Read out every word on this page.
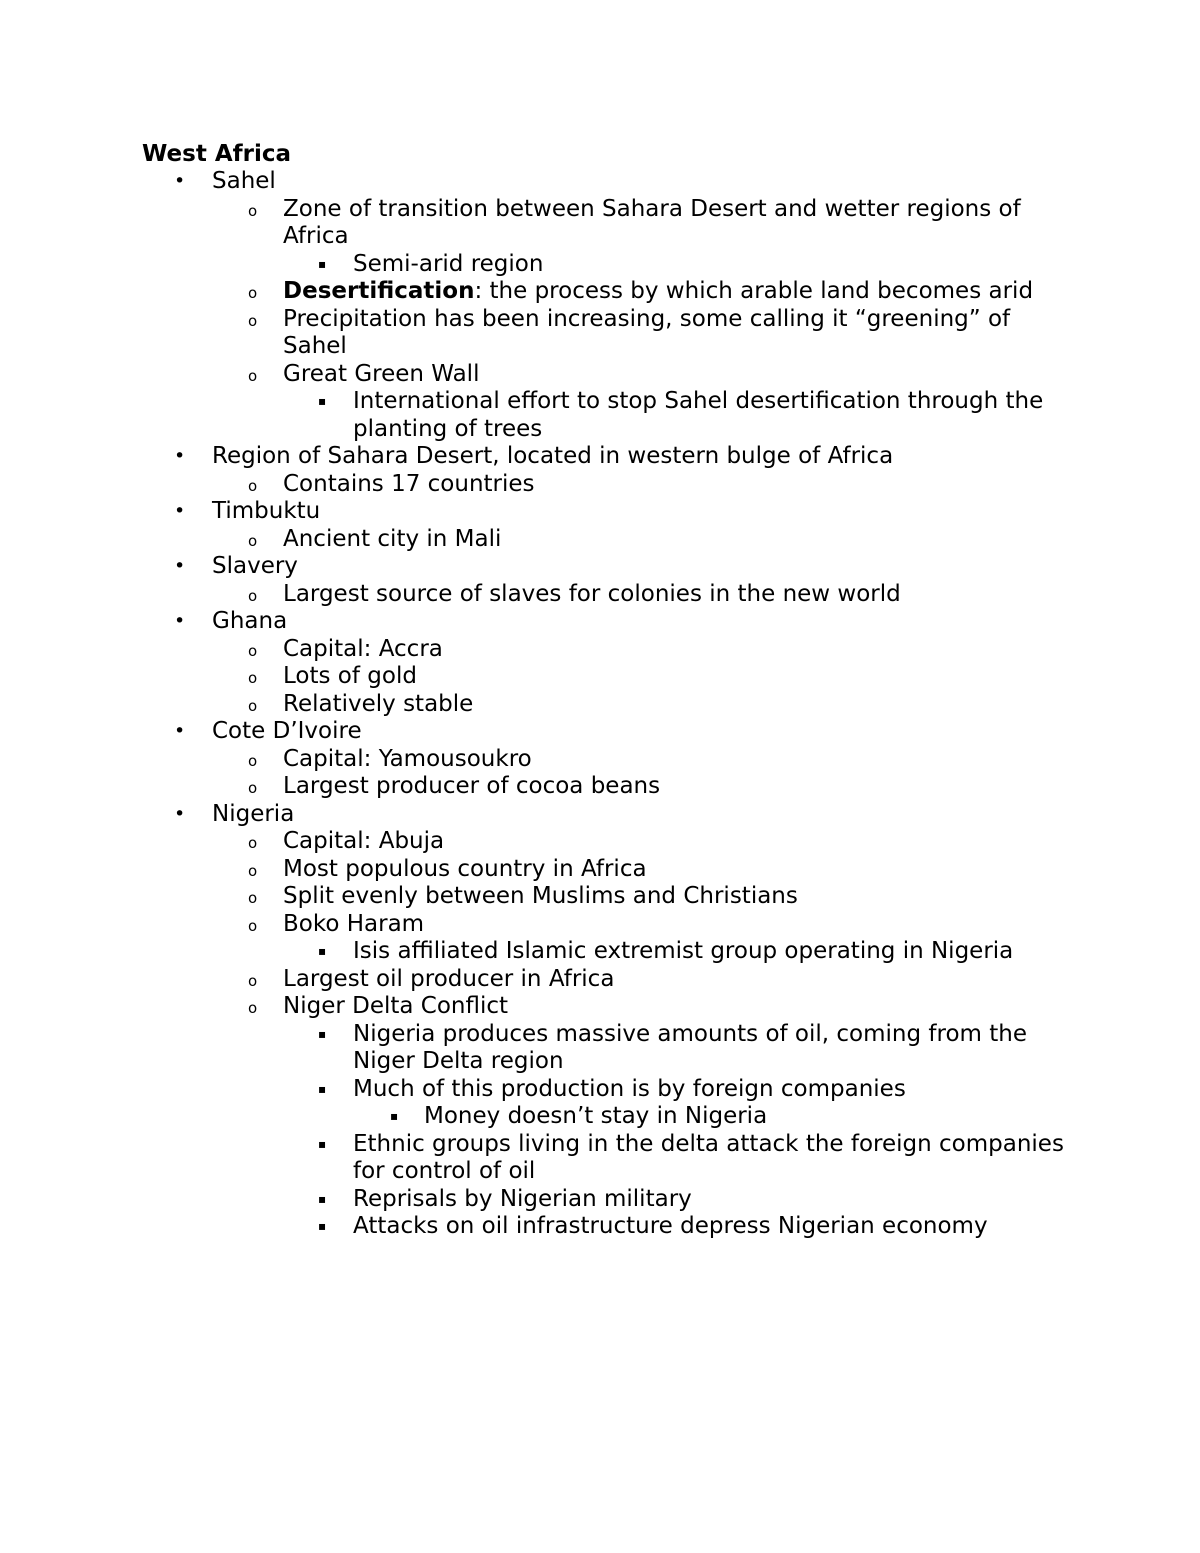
West Africa
• Sahel
o Zone of transition between Sahara Desert and wetter regions of Africa
▪ Semi-arid region
o Desertification: the process by which arable land becomes arid
o Precipitation has been increasing, some calling it “greening” of Sahel
o Great Green Wall
▪ International effort to stop Sahel desertification through the planting of trees
• Region of Sahara Desert, located in western bulge of Africa
o Contains 17 countries
• Timbuktu
o Ancient city in Mali
• Slavery
o Largest source of slaves for colonies in the new world
• Ghana
o Capital: Accra
o Lots of gold
o Relatively stable
• Cote D’Ivoire
o Capital: Yamousoukro
o Largest producer of cocoa beans
• Nigeria
o Capital: Abuja
o Most populous country in Africa
o Split evenly between Muslims and Christians
o Boko Haram
▪ Isis affiliated Islamic extremist group operating in Nigeria
o Largest oil producer in Africa
o Niger Delta Conflict
▪ Nigeria produces massive amounts of oil, coming from the Niger Delta region
▪ Much of this production is by foreign companies
▪ Money doesn’t stay in Nigeria
▪ Ethnic groups living in the delta attack the foreign companies for control of oil
▪ Reprisals by Nigerian military
▪ Attacks on oil infrastructure depress Nigerian economy
